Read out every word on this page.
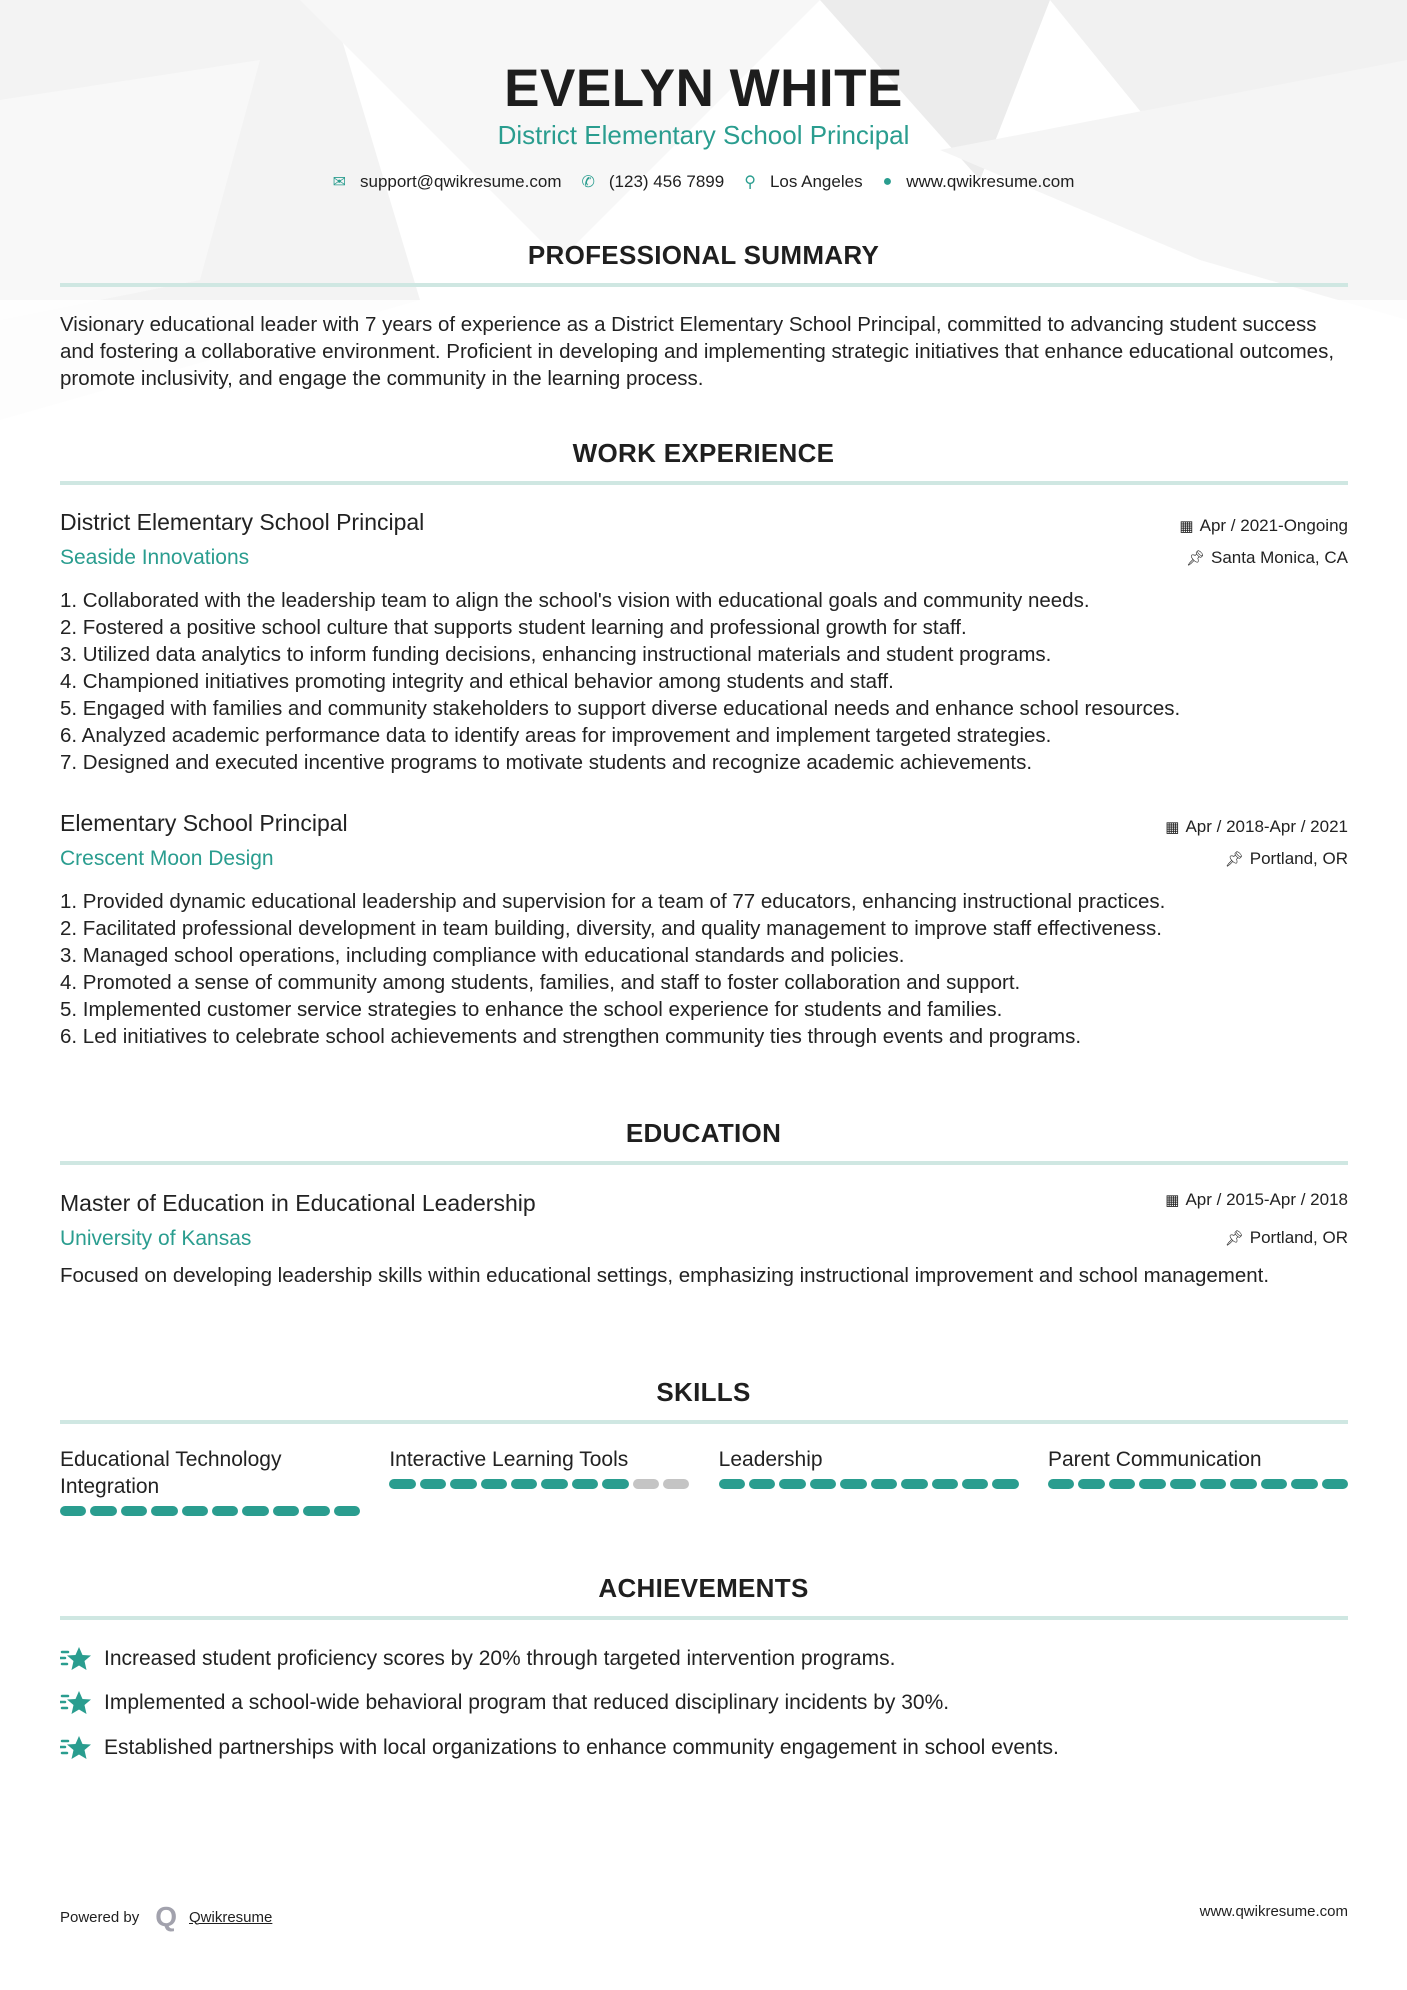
EVELYN WHITE
District Elementary School Principal
✉ support@qwikresume.com ✆ (123) 456 7899 ⚲ Los Angeles ● www.qwikresume.com
PROFESSIONAL SUMMARY
Visionary educational leader with 7 years of experience as a District Elementary School Principal, committed to advancing student success and fostering a collaborative environment. Proficient in developing and implementing strategic initiatives that enhance educational outcomes, promote inclusivity, and engage the community in the learning process.
WORK EXPERIENCE
District Elementary School Principal
Seaside Innovations
▦ Apr / 2021-Ongoing
📌︎ Santa Monica, CA
1. Collaborated with the leadership team to align the school's vision with educational goals and community needs.
2. Fostered a positive school culture that supports student learning and professional growth for staff.
3. Utilized data analytics to inform funding decisions, enhancing instructional materials and student programs.
4. Championed initiatives promoting integrity and ethical behavior among students and staff.
5. Engaged with families and community stakeholders to support diverse educational needs and enhance school resources.
6. Analyzed academic performance data to identify areas for improvement and implement targeted strategies.
7. Designed and executed incentive programs to motivate students and recognize academic achievements.
Elementary School Principal
Crescent Moon Design
▦ Apr / 2018-Apr / 2021
📌︎ Portland, OR
1. Provided dynamic educational leadership and supervision for a team of 77 educators, enhancing instructional practices.
2. Facilitated professional development in team building, diversity, and quality management to improve staff effectiveness.
3. Managed school operations, including compliance with educational standards and policies.
4. Promoted a sense of community among students, families, and staff to foster collaboration and support.
5. Implemented customer service strategies to enhance the school experience for students and families.
6. Led initiatives to celebrate school achievements and strengthen community ties through events and programs.
EDUCATION
Master of Education in Educational Leadership
University of Kansas
▦ Apr / 2015-Apr / 2018
📌︎ Portland, OR
Focused on developing leadership skills within educational settings, emphasizing instructional improvement and school management.
SKILLS
Educational Technology Integration
Interactive Learning Tools	Leadership	Parent Communication
ACHIEVEMENTS
Increased student proficiency scores by 20% through targeted intervention programs.
Implemented a school-wide behavioral program that reduced disciplinary incidents by 30%.
Established partnerships with local organizations to enhance community engagement in school events.
Powered by Q Qwikresume	www.qwikresume.com
